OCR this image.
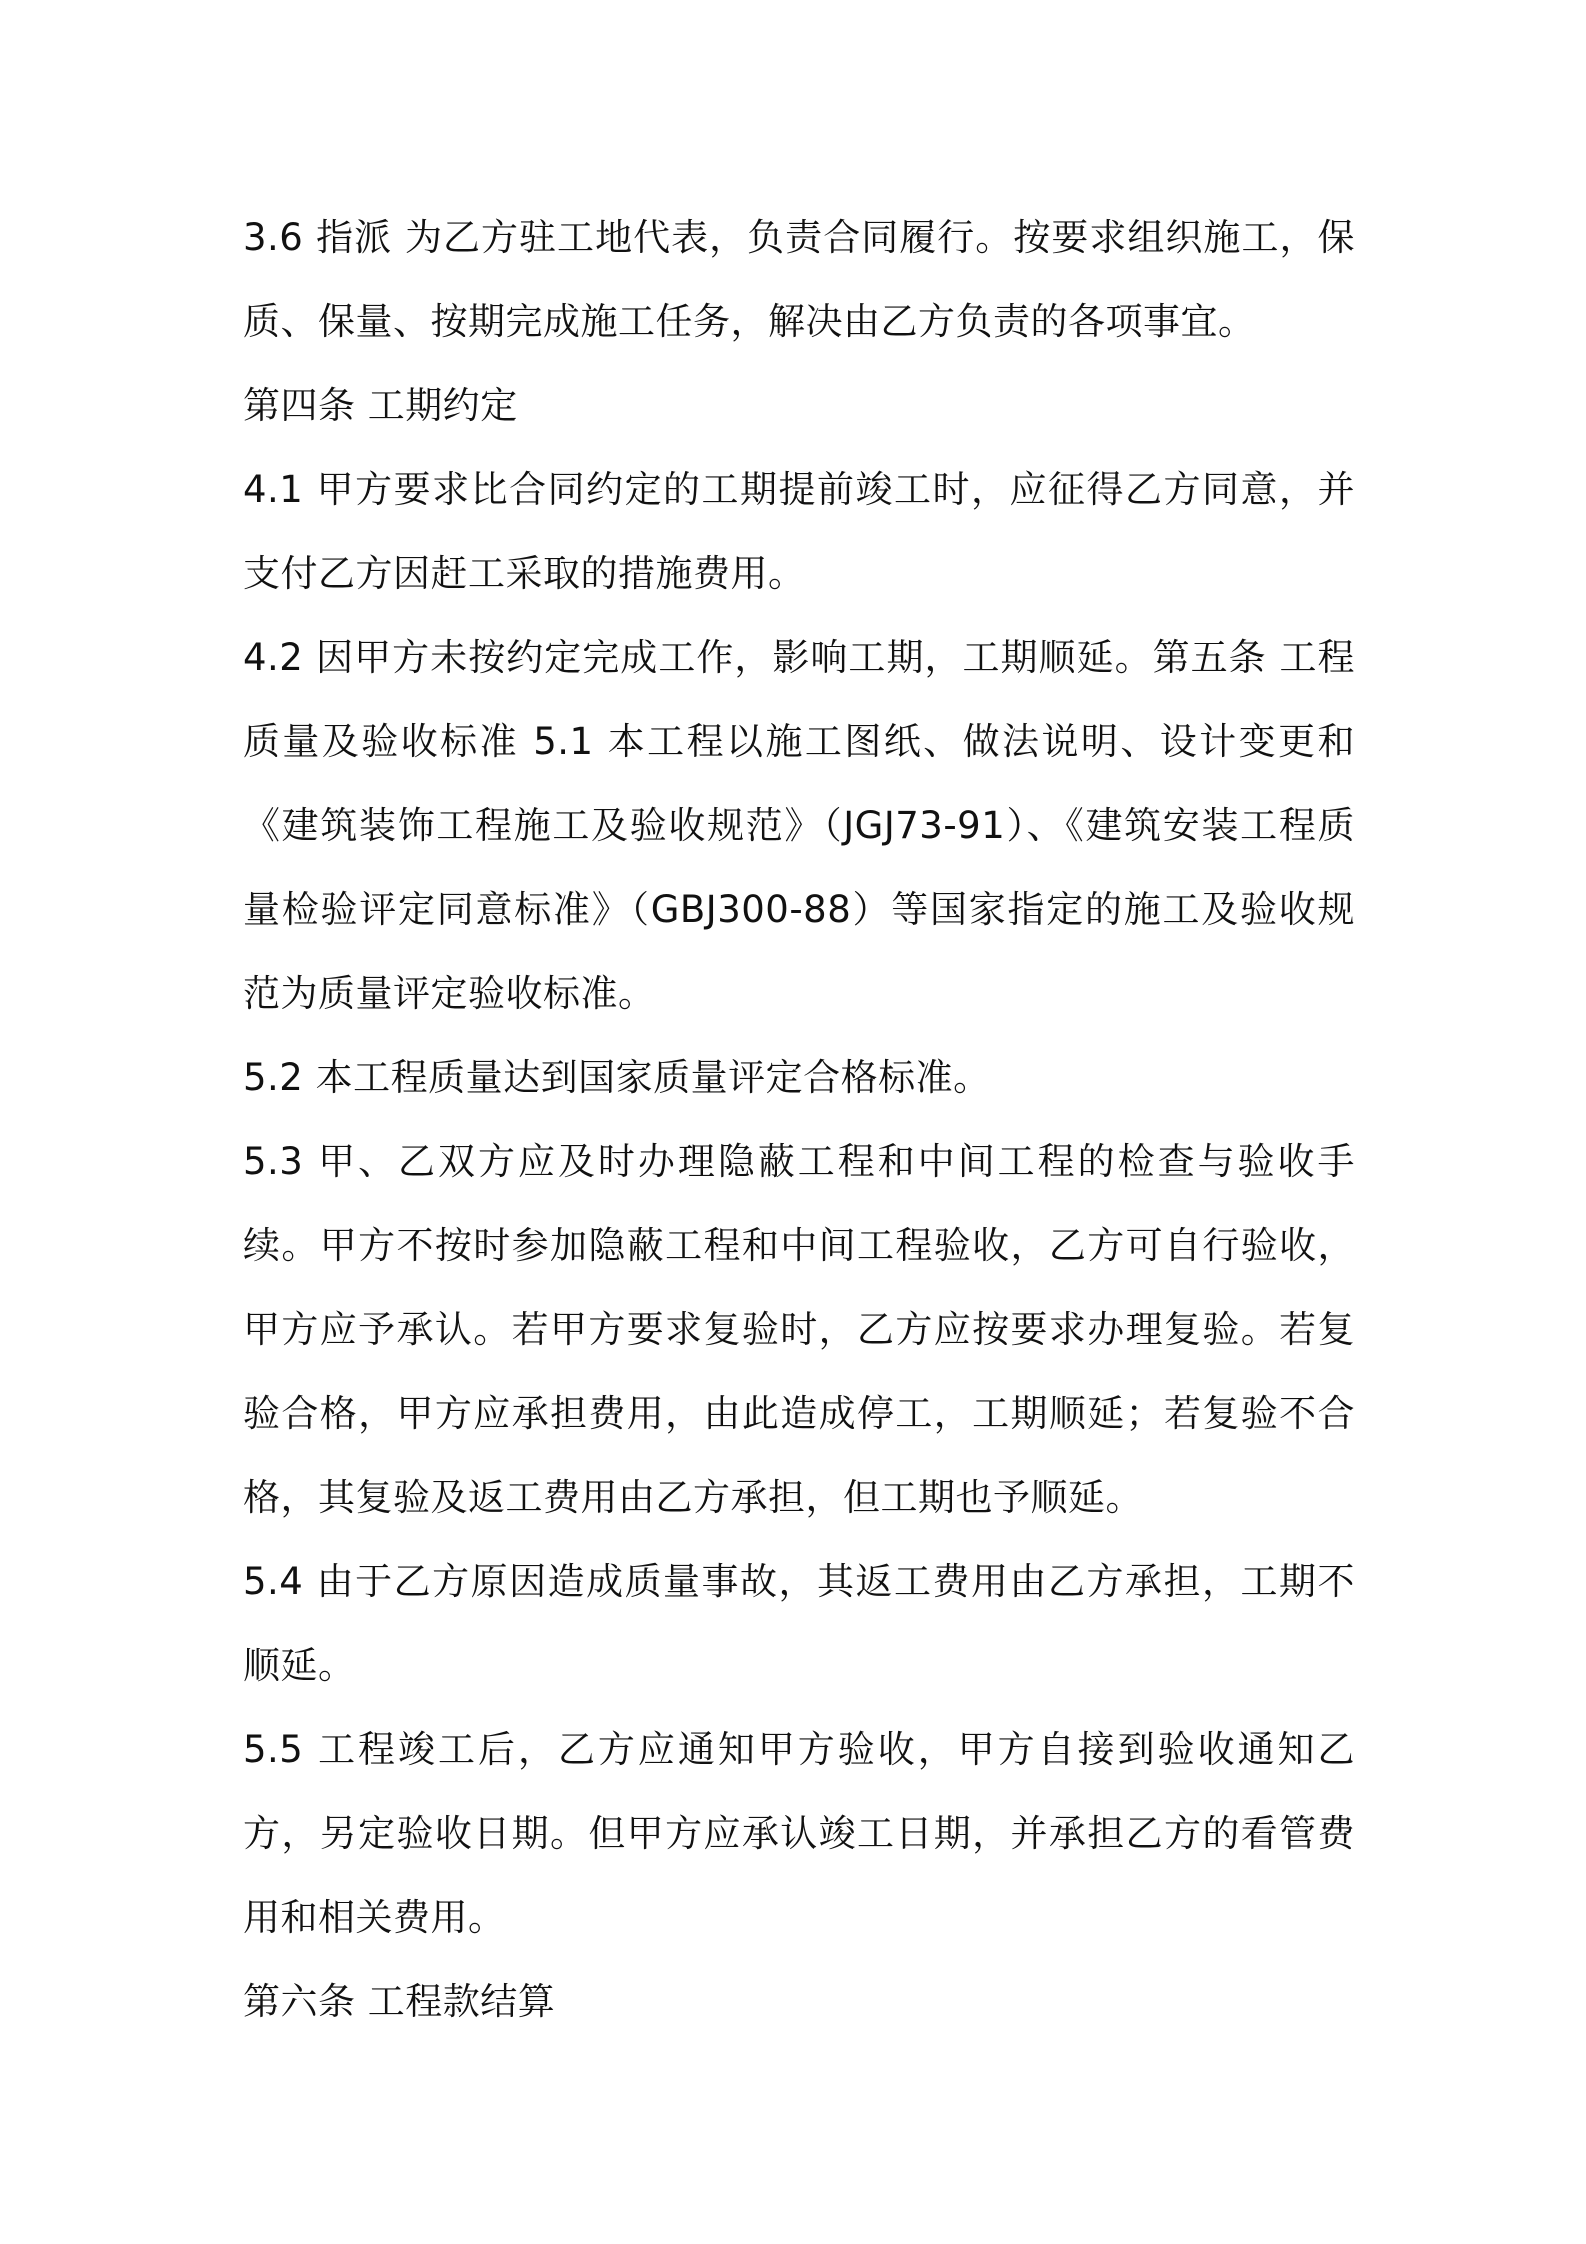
3.6 指派 为乙方驻工地代表，负责合同履行。按要求组织施工，保质、保量、按期完成施工任务，解决由乙方负责的各项事宜。

第四条 工期约定

4.1 甲方要求比合同约定的工期提前竣工时，应征得乙方同意，并支付乙方因赶工采取的措施费用。

4.2 因甲方未按约定完成工作，影响工期，工期顺延。第五条 工程质量及验收标准 5.1 本工程以施工图纸、做法说明、设计变更和《建筑装饰工程施工及验收规范》（JGJ73-91）、《建筑安装工程质量检验评定同意标准》（GBJ300-88）等国家指定的施工及验收规范为质量评定验收标准。

5.2 本工程质量达到国家质量评定合格标准。

5.3 甲、乙双方应及时办理隐蔽工程和中间工程的检查与验收手续。甲方不按时参加隐蔽工程和中间工程验收，乙方可自行验收，甲方应予承认。若甲方要求复验时，乙方应按要求办理复验。若复验合格，甲方应承担费用，由此造成停工，工期顺延；若复验不合格，其复验及返工费用由乙方承担，但工期也予顺延。

5.4 由于乙方原因造成质量事故，其返工费用由乙方承担，工期不顺延。

5.5 工程竣工后，乙方应通知甲方验收，甲方自接到验收通知乙方，另定验收日期。但甲方应承认竣工日期，并承担乙方的看管费用和相关费用。

第六条 工程款结算
